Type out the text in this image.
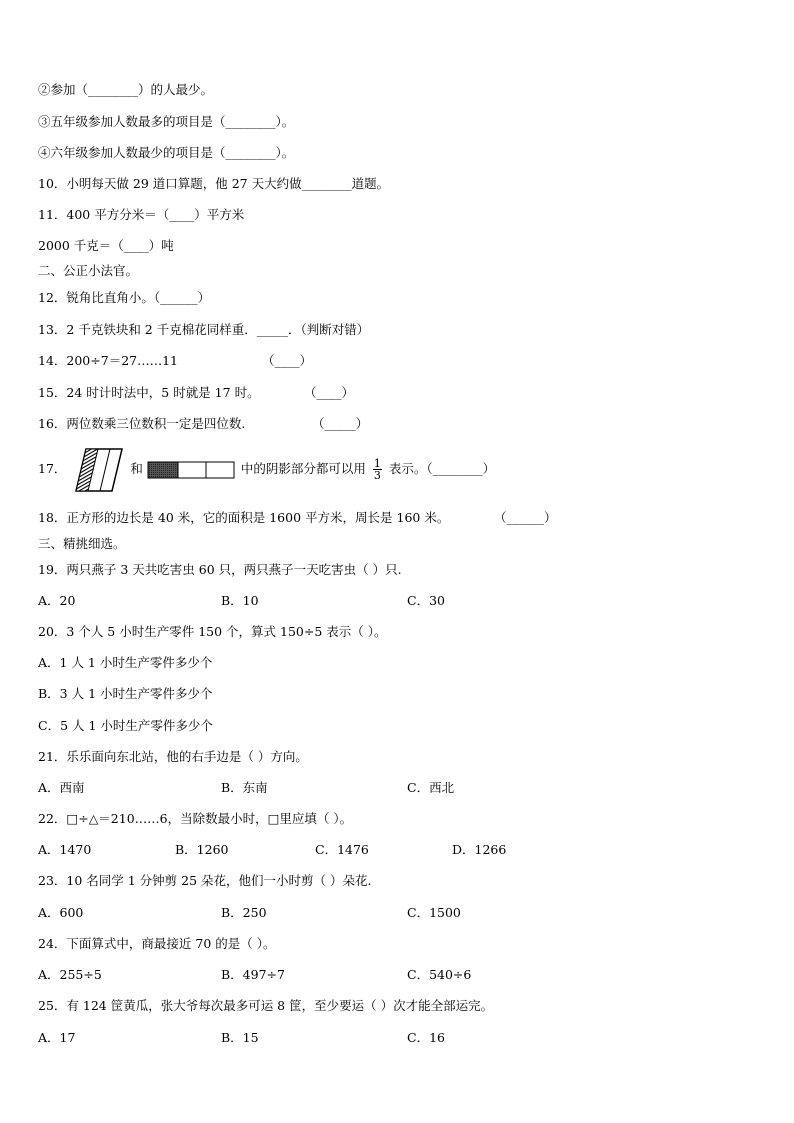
②参加（________）的人最少。
③五年级参加人数最多的项目是（________）。
④六年级参加人数最少的项目是（________）。
10．小明每天做 29 道口算题，他 27 天大约做________道题。
11．400 平方分米＝（____）平方米
2000 千克＝（____）吨
二、公正小法官。
12．锐角比直角小。（______）
13．2 千克铁块和 2 千克棉花同样重．_____．（判断对错）
14．200÷7＝27……11	（____）
15．24 时计时法中，5 时就是 17 时。	（____）
16．两位数乘三位数积一定是四位数.	（_____）
17．	和	中的阴影部分都可以用 $\frac{1}{3}$ 表示。（________）
18．正方形的边长是 40 米，它的面积是 1600 平方米，周长是 160 米。	（______）
三、精挑细选。
19．两只燕子 3 天共吃害虫 60 只，两只燕子一天吃害虫（ ）只.
A．20	B．10	C．30
20．3 个人 5 小时生产零件 150 个，算式 150÷5 表示（ ）。
A．1 人 1 小时生产零件多少个
B．3 人 1 小时生产零件多少个
C．5 人 1 小时生产零件多少个
21．乐乐面向东北站，他的右手边是（ ）方向。
A．西南	B．东南	C．西北
22．□÷△＝210……6，当除数最小时，□里应填（ ）。
A．1470	B．1260	C．1476	D．1266
23．10 名同学 1 分钟剪 25 朵花，他们一小时剪（ ）朵花.
A．600	B．250	C．1500
24．下面算式中，商最接近 70 的是（ ）。
A．255÷5	B．497÷7	C．540÷6
25．有 124 筐黄瓜，张大爷每次最多可运 8 筐，至少要运（ ）次才能全部运完。
A．17	B．15	C．16
